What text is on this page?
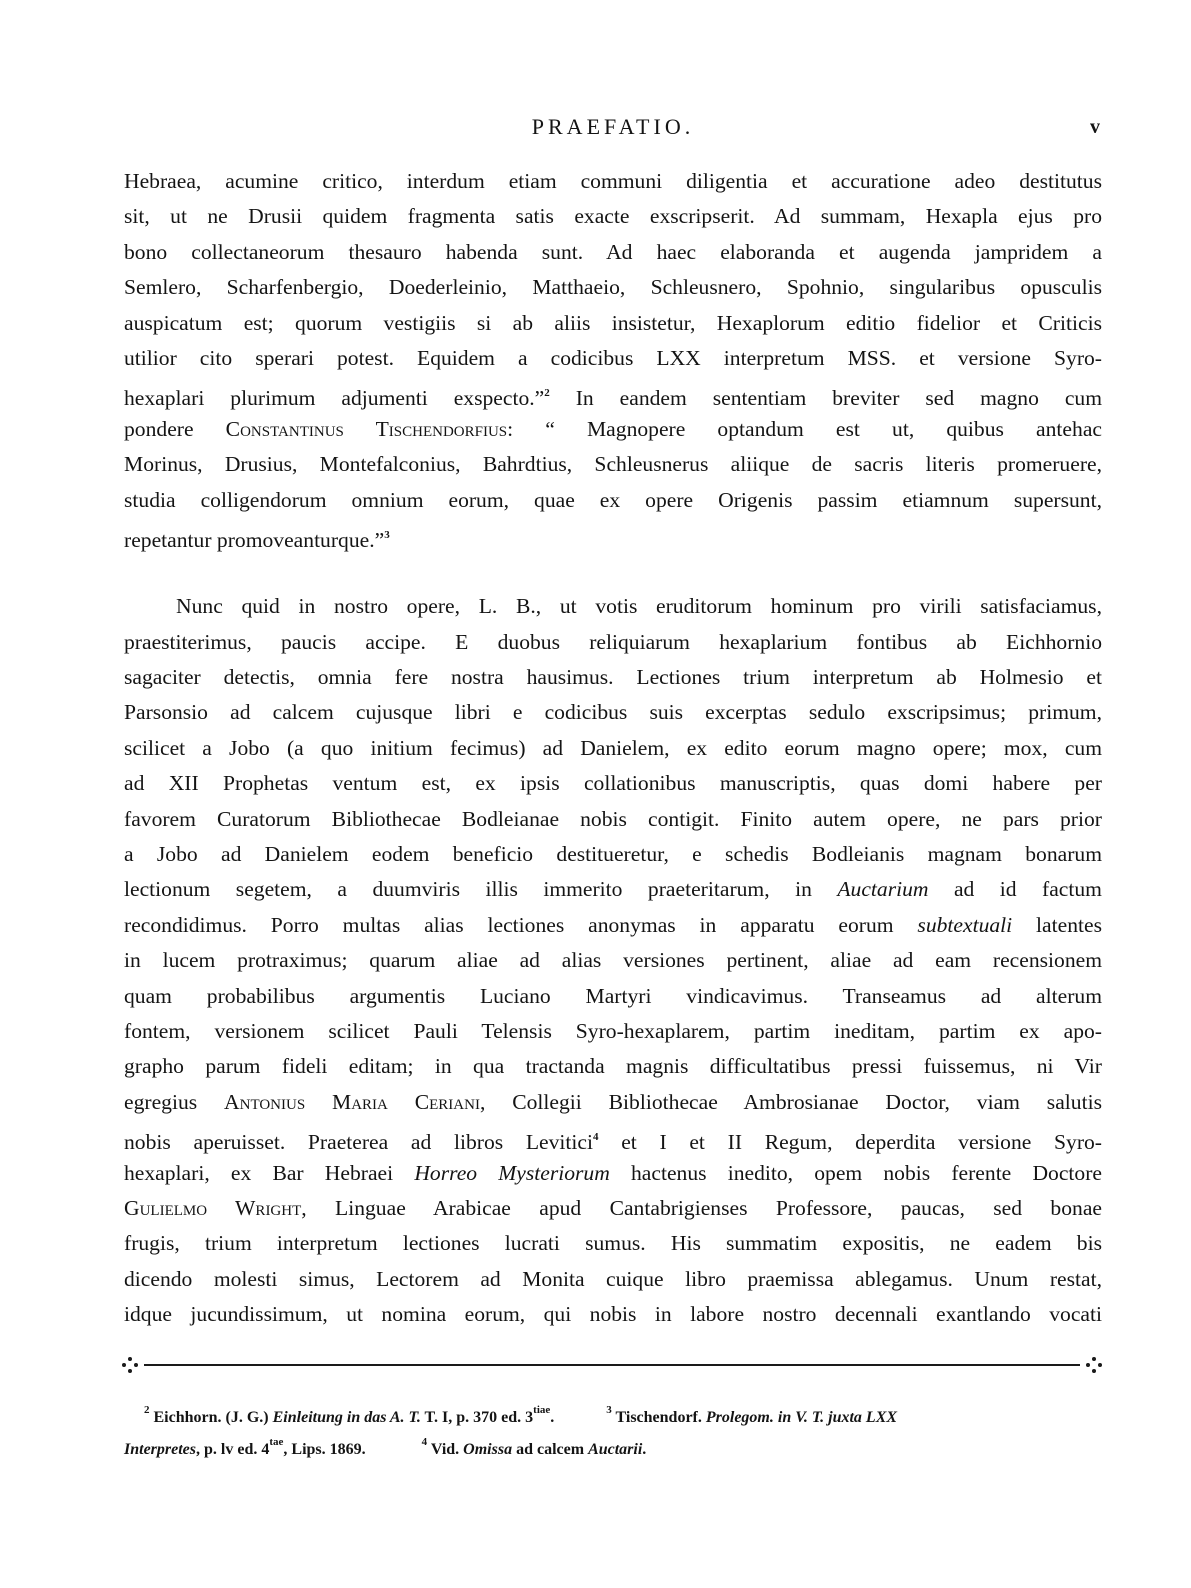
PRAEFATIO.	v
Hebraea, acumine critico, interdum etiam communi diligentia et accuratione adeo destitutus
sit, ut ne Drusii quidem fragmenta satis exacte exscripserit. Ad summam, Hexapla ejus pro
bono collectaneorum thesauro habenda sunt. Ad haec elaboranda et augenda jampridem a
Semlero, Scharfenbergio, Doederleinio, Matthaeio, Schleusnero, Spohnio, singularibus opusculis
auspicatum est; quorum vestigiis si ab aliis insistetur, Hexaplorum editio fidelior et Criticis
utilior cito sperari potest. Equidem a codicibus LXX interpretum MSS. et versione Syro-
hexaplari plurimum adjumenti exspecto.”$^2$ In eandem sententiam breviter sed magno cum
pondere Constantinus Tischendorfius: “ Magnopere optandum est ut, quibus antehac
Morinus, Drusius, Montefalconius, Bahrdtius, Schleusnerus aliique de sacris literis promeruere,
studia colligendorum omnium eorum, quae ex opere Origenis passim etiamnum supersunt,
repetantur promoveanturque.”$^3$
Nunc quid in nostro opere, L. B., ut votis eruditorum hominum pro virili satisfaciamus,
praestiterimus, paucis accipe. E duobus reliquiarum hexaplarium fontibus ab Eichhornio
sagaciter detectis, omnia fere nostra hausimus. Lectiones trium interpretum ab Holmesio et
Parsonsio ad calcem cujusque libri e codicibus suis excerptas sedulo exscripsimus; primum,
scilicet a Jobo (a quo initium fecimus) ad Danielem, ex edito eorum magno opere; mox, cum
ad XII Prophetas ventum est, ex ipsis collationibus manuscriptis, quas domi habere per
favorem Curatorum Bibliothecae Bodleianae nobis contigit. Finito autem opere, ne pars prior
a Jobo ad Danielem eodem beneficio destitueretur, e schedis Bodleianis magnam bonarum
lectionum segetem, a duumviris illis immerito praeteritarum, in Auctarium ad id factum
recondidimus. Porro multas alias lectiones anonymas in apparatu eorum subtextuali latentes
in lucem protraximus; quarum aliae ad alias versiones pertinent, aliae ad eam recensionem
quam probabilibus argumentis Luciano Martyri vindicavimus. Transeamus ad alterum
fontem, versionem scilicet Pauli Telensis Syro-hexaplarem, partim ineditam, partim ex apo-
grapho parum fideli editam; in qua tractanda magnis difficultatibus pressi fuissemus, ni Vir
egregius Antonius Maria Ceriani, Collegii Bibliothecae Ambrosianae Doctor, viam salutis
nobis aperuisset. Praeterea ad libros Levitici$^4$ et I et II Regum, deperdita versione Syro-
hexaplari, ex Bar Hebraei Horreo Mysteriorum hactenus inedito, opem nobis ferente Doctore
Gulielmo Wright, Linguae Arabicae apud Cantabrigienses Professore, paucas, sed bonae
frugis, trium interpretum lectiones lucrati sumus. His summatim expositis, ne eadem bis
dicendo molesti simus, Lectorem ad Monita cuique libro praemissa ablegamus. Unum restat,
idque jucundissimum, ut nomina eorum, qui nobis in labore nostro decennali exantlando vocati
$^2$ Eichhorn. (J. G.) Einleitung in das A. T. T. I, p. 370 ed. $3^{tiae}$.	$^3$ Tischendorf. Prolegom. in V. T. juxta LXX
Interpretes, p. lv ed. $4^{tae}$, Lips. 1869.	$^4$ Vid. Omissa ad calcem Auctarii.
